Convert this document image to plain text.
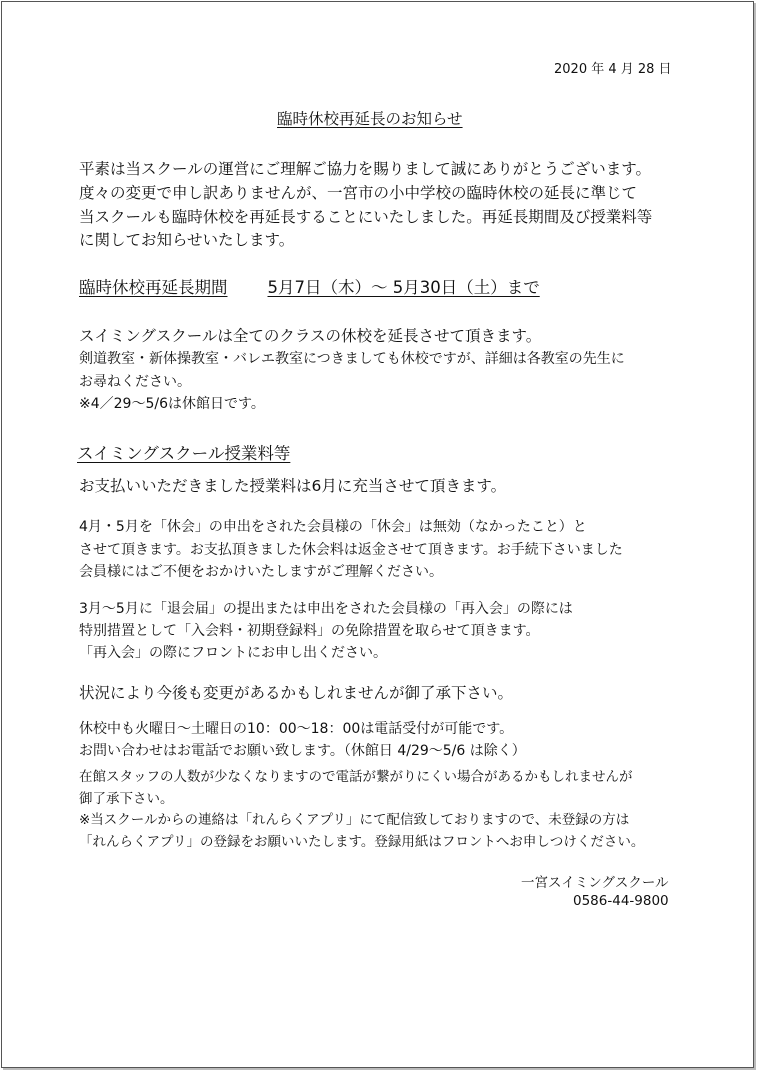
2020 年 4 月 28 日
臨時休校再延長のお知らせ
平素は当スクールの運営にご理解ご協力を賜りまして誠にありがとうございます。
度々の変更で申し訳ありませんが、一宮市の小中学校の臨時休校の延長に準じて
当スクールも臨時休校を再延長することにいたしました。再延長期間及び授業料等
に関してお知らせいたします。
臨時休校再延長期間 5月7日（木）～ 5月30日（土）まで
スイミングスクールは全てのクラスの休校を延長させて頂きます。
剣道教室・新体操教室・バレエ教室につきましても休校ですが、詳細は各教室の先生に
お尋ねください。
※4／29～5/6は休館日です。
スイミングスクール授業料等
お支払いいただきました授業料は6月に充当させて頂きます。
4月・5月を「休会」の申出をされた会員様の「休会」は無効（なかったこと）と
させて頂きます。お支払頂きました休会料は返金させて頂きます。お手続下さいました
会員様にはご不便をおかけいたしますがご理解ください。
3月～5月に「退会届」の提出または申出をされた会員様の「再入会」の際には
特別措置として「入会料・初期登録料」の免除措置を取らせて頂きます。
「再入会」の際にフロントにお申し出ください。
状況により今後も変更があるかもしれませんが御了承下さい。
休校中も火曜日～土曜日の10：00～18：00は電話受付が可能です。
お問い合わせはお電話でお願い致します。（休館日 4/29～5/6 は除く）
在館スタッフの人数が少なくなりますので電話が繋がりにくい場合があるかもしれませんが
御了承下さい。
※当スクールからの連絡は「れんらくアプリ」にて配信致しておりますので、未登録の方は
「れんらくアプリ」の登録をお願いいたします。登録用紙はフロントへお申しつけください。
一宮スイミングスクール
0586-44-9800
